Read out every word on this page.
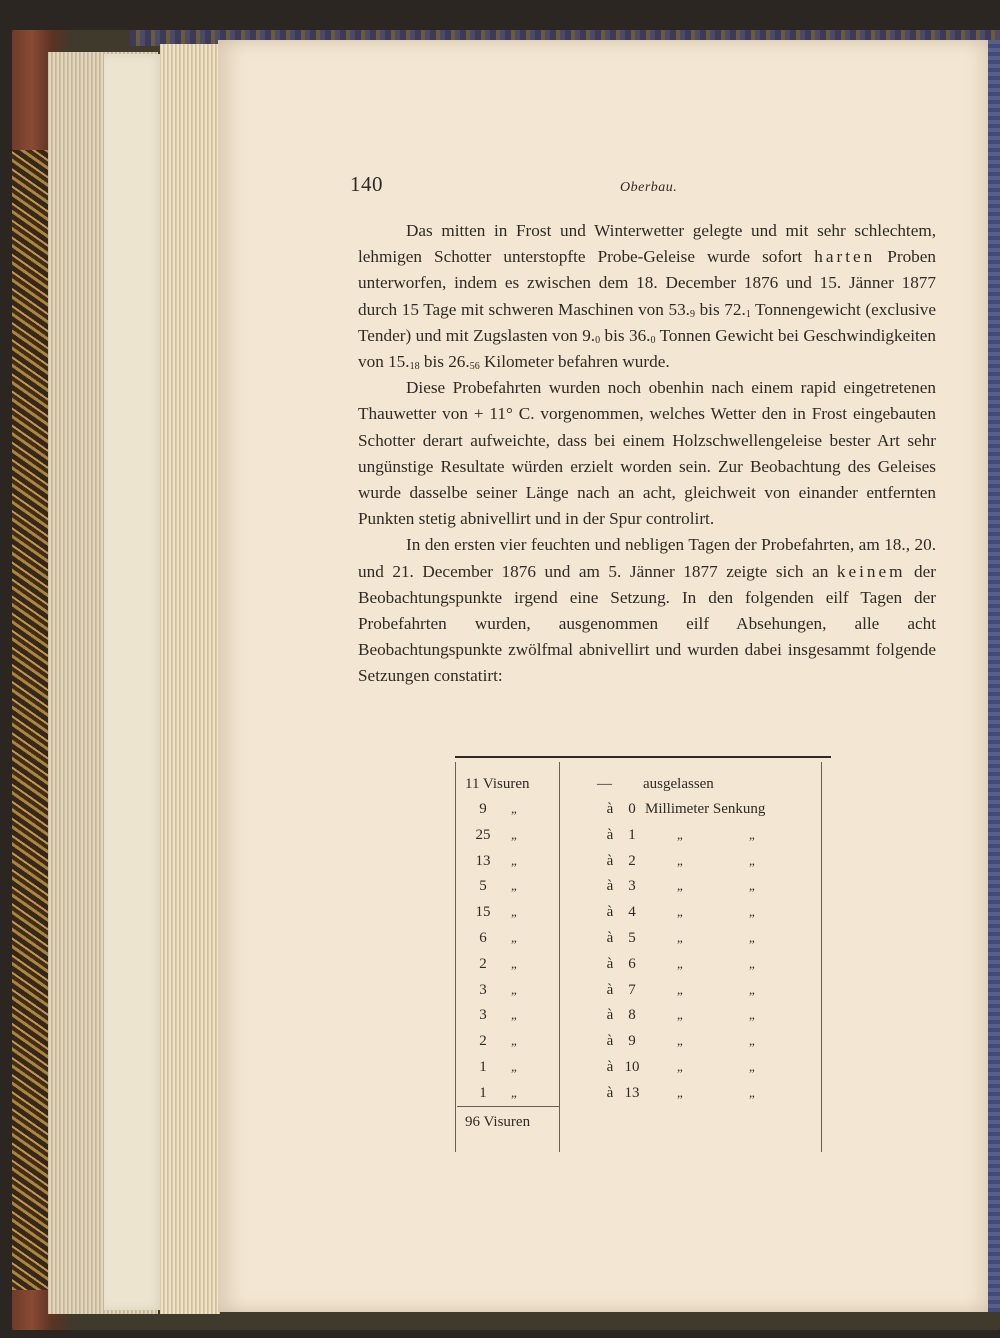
140	Oberbau.

Das mitten in Frost und Winterwetter gelegte und mit sehr schlechtem, lehmigen Schotter unterstopfte Probe-Geleise wurde sofort harten Proben unterworfen, indem es zwischen dem 18. December 1876 und 15. Jänner 1877 durch 15 Tage mit schweren Maschinen von $53._9$ bis $72._1$ Tonnengewicht (exclusive Tender) und mit Zugslasten von $9._0$ bis $36._0$ Tonnen Gewicht bei Geschwindigkeiten von $15._{18}$ bis $26._{56}$ Kilometer befahren wurde.

Diese Probefahrten wurden noch obenhin nach einem rapid eingetretenen Thauwetter von + 11° C. vorgenommen, welches Wetter den in Frost eingebauten Schotter derart aufweichte, dass bei einem Holzschwellengeleise bester Art sehr ungünstige Resultate würden erzielt worden sein. Zur Beobachtung des Geleises wurde dasselbe seiner Länge nach an acht, gleichweit von einander entfernten Punkten stetig abnivellirt und in der Spur controlirt.

In den ersten vier feuchten und nebligen Tagen der Probefahrten, am 18., 20. und 21. December 1876 und am 5. Jänner 1877 zeigte sich an keinem der Beobachtungspunkte irgend eine Setzung. In den folgenden eilf Tagen der Probefahrten wurden, ausgenommen eilf Absehungen, alle acht Beobachtungspunkte zwölfmal abnivellirt und wurden dabei insgesammt folgende Setzungen constatirt:

11 Visuren	— ausgelassen
9	„	à 0 Millimeter Senkung
25	„	à 1	„	„
13	„	à 2	„	„
5	„	à 3	„	„
15	„	à 4	„	„
6	„	à 5	„	„
2	„	à 6	„	„
3	„	à 7	„	„
3	„	à 8	„	„
2	„	à 9	„	„
1	„	à 10	„	„
1	„	à 13	„	„
96 Visuren
